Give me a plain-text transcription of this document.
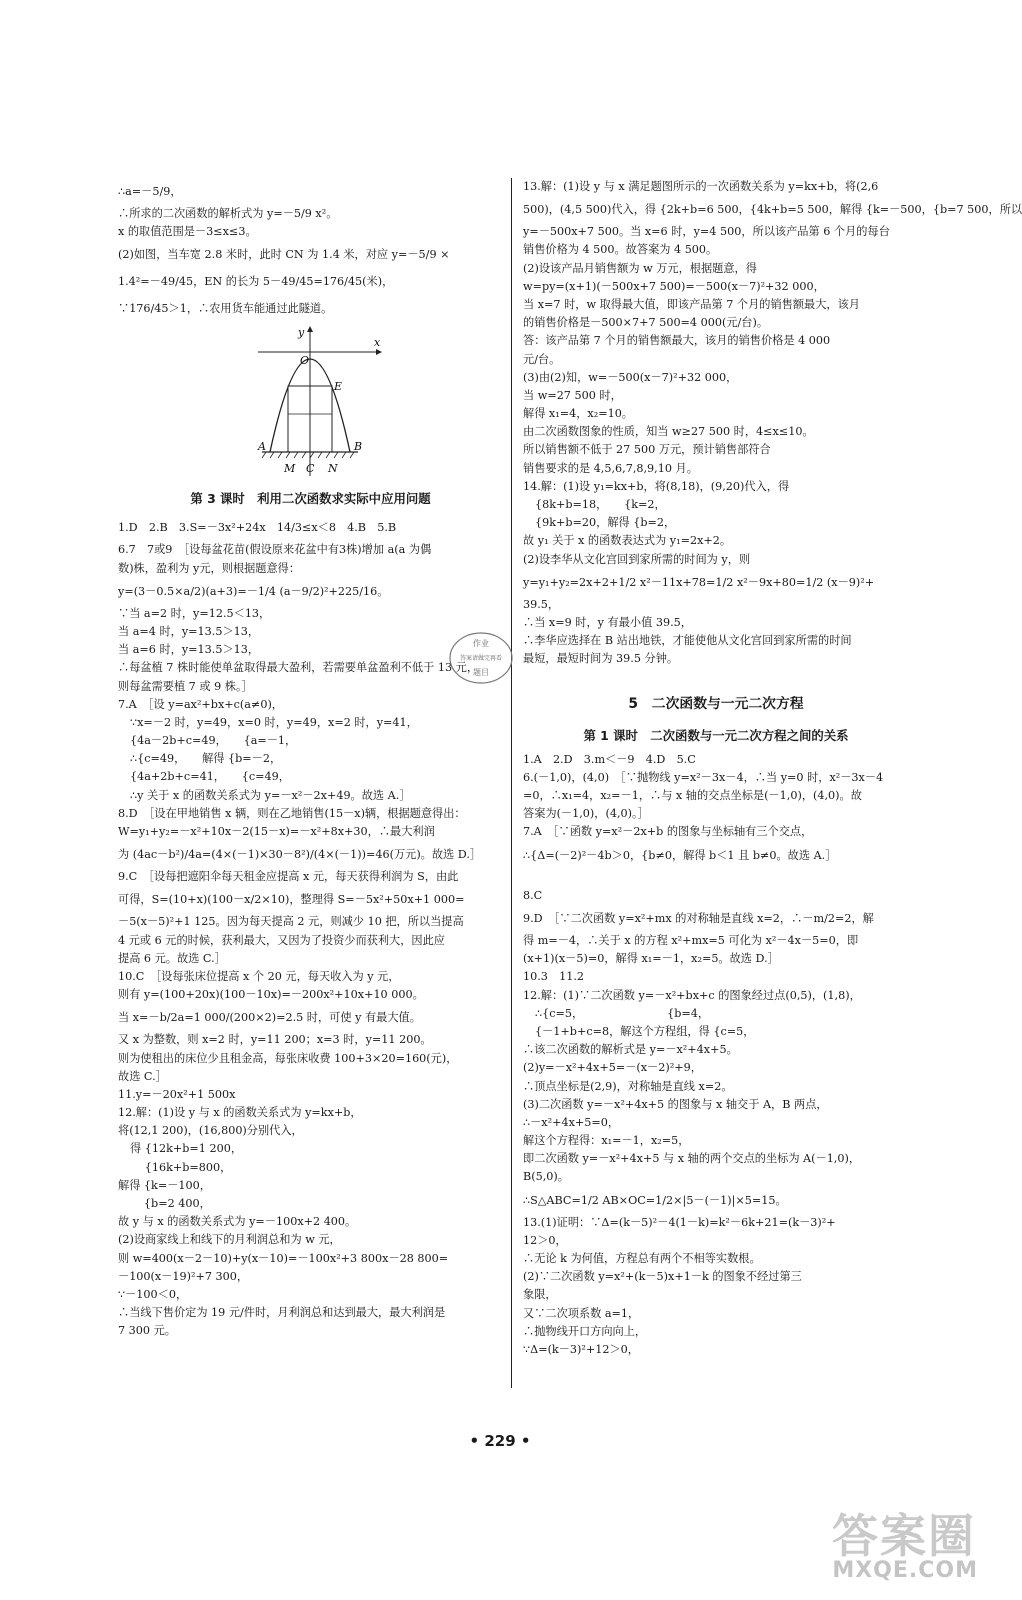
∴a=－5/9，
∴所求的二次函数的解析式为 y=－5/9 x²。
x 的取值范围是－3≤x≤3。
(2)如图，当车宽 2.8 米时，此时 CN 为 1.4 米，对应 y=－5/9 ×
1.4²=－49/45，EN 的长为 5－49/45=176/45(米)，
∵176/45＞1，∴农用货车能通过此隧道。
y
x
O
E
A	B
M C N
第 3 课时　利用二次函数求实际中应用问题
1.D　2.B　3.S=－3x²+24x　14/3≤x＜8　4.B　5.B
6.7　7或9　［设每盆花苗(假设原来花盆中有3株)增加 a(a 为偶
数)株，盈利为 y元，则根据题意得：
y=(3－0.5×a/2)(a+3)=－1/4 (a－9/2)²+225/16。
∵当 a=2 时，y=12.5＜13，
当 a=4 时，y=13.5＞13，
当 a=6 时，y=13.5＞13，
∴每盆植 7 株时能使单盆取得最大盈利，若需要单盆盈利不低于 13 元，
则每盆需要植 7 或 9 株。］
7.A　［设 y=ax²+bx+c(a≠0)，
∵x=－2 时，y=49，x=0 时，y=49，x=2 时，y=41，
{4a－2b+c=49，　　{a=－1，
∴{c=49，　　解得 {b=－2，
{4a+2b+c=41，　　{c=49，
∴y 关于 x 的函数关系式为 y=－x²－2x+49。故选 A.］
8.D　［设在甲地销售 x 辆，则在乙地销售(15－x)辆，根据题意得出：
W=y₁+y₂=－x²+10x－2(15－x)=－x²+8x+30，∴最大利润
为 (4ac－b²)/4a=(4×(－1)×30－8²)/(4×(－1))=46(万元)。故选 D.］
9.C　［设每把遮阳伞每天租金应提高 x 元，每天获得利润为 S，由此
可得，S=(10+x)(100－x/2×10)，整理得 S=－5x²+50x+1 000=
－5(x－5)²+1 125。因为每天提高 2 元，则减少 10 把，所以当提高
4 元或 6 元的时候，获利最大，又因为了投资少而获利大，因此应
提高 6 元。故选 C.］
10.C　［设每张床位提高 x 个 20 元，每天收入为 y 元，
则有 y=(100+20x)(100－10x)=－200x²+10x+10 000。
当 x=－b/2a=1 000/(200×2)=2.5 时，可使 y 有最大值。
又 x 为整数，则 x=2 时，y=11 200；x=3 时，y=11 200。
则为使租出的床位少且租金高，每张床收费 100+3×20=160(元)，
故选 C.］
11.y=－20x²+1 500x
12.解：(1)设 y 与 x 的函数关系式为 y=kx+b，
将(12,1 200)，(16,800)分别代入，
得 {12k+b=1 200，
　 {16k+b=800，
解得 {k=－100，
　　 {b=2 400，
故 y 与 x 的函数关系式为 y=－100x+2 400。
(2)设商家线上和线下的月利润总和为 w 元，
则 w=400(x－2－10)+y(x－10)=－100x²+3 800x－28 800=
－100(x－19)²+7 300，
∵－100＜0，
∴当线下售价定为 19 元/件时，月利润总和达到最大，最大利润是
7 300 元。
13.解：(1)设 y 与 x 满足题图所示的一次函数关系为 y=kx+b，将(2,6
500)，(4,5 500)代入，得 {2k+b=6 500，{4k+b=5 500，解得 {k=－500，{b=7 500，所以
y=－500x+7 500。当 x=6 时，y=4 500，所以该产品第 6 个月的每台
销售价格为 4 500。故答案为 4 500。
(2)设该产品月销售额为 w 万元，根据题意，得
w=py=(x+1)(－500x+7 500)=－500(x－7)²+32 000，
当 x=7 时，w 取得最大值，即该产品第 7 个月的销售额最大，该月
的销售价格是－500×7+7 500=4 000(元/台)。
答：该产品第 7 个月的销售额最大，该月的销售价格是 4 000
元/台。
(3)由(2)知，w=－500(x－7)²+32 000，
当 w=27 500 时，
解得 x₁=4，x₂=10。
由二次函数图象的性质，知当 w≥27 500 时，4≤x≤10。
所以销售额不低于 27 500 万元，预计销售部符合
销售要求的是 4,5,6,7,8,9,10 月。
14.解：(1)设 y₁=kx+b，将(8,18)，(9,20)代入，得
{8k+b=18，　　{k=2，
{9k+b=20，解得 {b=2，
故 y₁ 关于 x 的函数表达式为 y₁=2x+2。
(2)设李华从文化宫回到家所需的时间为 y，则
y=y₁+y₂=2x+2+1/2 x²－11x+78=1/2 x²－9x+80=1/2 (x－9)²+
39.5，
∴当 x=9 时，y 有最小值 39.5，
∴李华应选择在 B 站出地铁，才能使他从文化宫回到家所需的时间
最短，最短时间为 39.5 分钟。
5　二次函数与一元二次方程
第 1 课时　二次函数与一元二次方程之间的关系
1.A　2.D　3.m＜－9　4.D　5.C
6.(－1,0)，(4,0)　［∵抛物线 y=x²－3x－4，∴当 y=0 时，x²－3x－4
=0，∴x₁=4，x₂=－1，∴与 x 轴的交点坐标是(－1,0)，(4,0)。故
答案为(－1,0)，(4,0)。］
7.A　［∵函数 y=x²－2x+b 的图象与坐标轴有三个交点，
∴{Δ=(－2)²－4b＞0，{b≠0，解得 b＜1 且 b≠0。故选 A.］
8.C
9.D　［∵二次函数 y=x²+mx 的对称轴是直线 x=2，∴－m/2=2，解
得 m=－4，∴关于 x 的方程 x²+mx=5 可化为 x²－4x－5=0，即
(x+1)(x－5)=0，解得 x₁=－1，x₂=5。故选 D.］
10.3　11.2
12.解：(1)∵二次函数 y=－x²+bx+c 的图象经过点(0,5)，(1,8)，
∴{c=5，　　　　　　　　{b=4，
{－1+b+c=8，解这个方程组，得 {c=5，
∴该二次函数的解析式是 y=－x²+4x+5。
(2)y=－x²+4x+5=－(x－2)²+9，
∴顶点坐标是(2,9)，对称轴是直线 x=2。
(3)二次函数 y=－x²+4x+5 的图象与 x 轴交于 A，B 两点，
∴－x²+4x+5=0，
解这个方程得：x₁=－1，x₂=5，
即二次函数 y=－x²+4x+5 与 x 轴的两个交点的坐标为 A(－1,0)，
B(5,0)。
∴S△ABC=1/2 AB×OC=1/2×|5－(－1)|×5=15。
13.(1)证明：∵Δ=(k－5)²－4(1－k)=k²－6k+21=(k－3)²+
12＞0，
∴无论 k 为何值，方程总有两个不相等实数根。
(2)∵二次函数 y=x²+(k－5)x+1－k 的图象不经过第三
象限，
又∵二次项系数 a=1，
∴抛物线开口方向向上，
∵Δ=(k－3)²+12＞0，
作业
答案请做完再看
题目
• 229 •
答案圈
MXQE.COM
